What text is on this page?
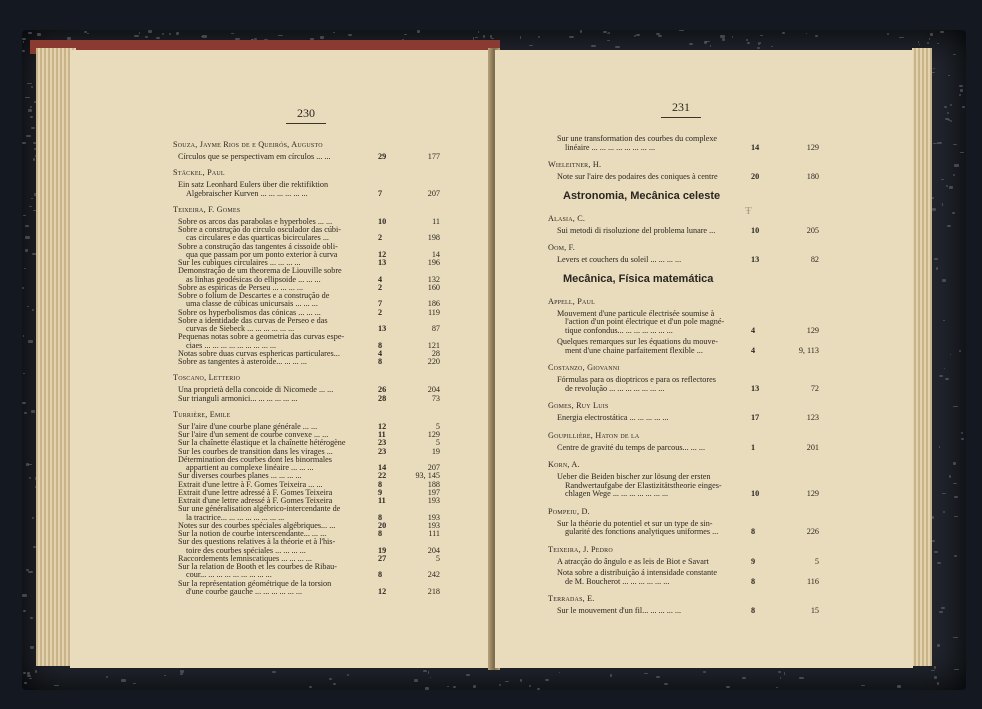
230
Souza, Jayme Rios de e Queirós, Augusto
Círculos que se perspectivam em círculos ... ...	29	177
Stäckel, Paul
Ein satz Leonhard Eulers über die rektifiktion
Algebraischer Kurven ... ... ... ... ... ...	7	207
Teixeira, F. Gomes
Sobre os arcos das parabolas e hyperboles ... ...	10	11
Sobre a construção do circulo osculador das cúbi-
cas circulares e das quarticas bicirculares ...	2	198
Sobre a construção das tangentes á cissoide obli-
qua que passam por um ponto exterior à curva	12	14
Sur les cubiques circulaires ... ... ... ...	13	196
Demonstração de um theorema de Liouville sobre
as linhas geodésicas do ellipsoide ... ... ...	4	132
Sobre as espiricas de Perseu ... ... ... ...	2	160
Sobre o folium de Descartes e a construção de
uma classe de cúbicas unicursais ... ... ...	7	186
Sobre os hyperbolismos das cónicas ... ... ...	2	119
Sobre a identidade das curvas de Perseo e das
curvas de Siebeck ... ... ... ... ... ...	13	87
Pequenas notas sobre a geometria das curvas espe-
ciaes ... ... ... ... ... ... ... ... ...	8	121
Notas sobre duas curvas esphericas particulares...	4	28
Sobre as tangentes à asteroide... ... ... ...	8	220
Toscano, Letterio
Una proprietà della concoide di Nicomede ... ...	26	204
Sur trianguli armonici... ... ... ... ... ...	28	73
Turrière, Emile
Sur l'aire d'une courbe plane générale ... ...	12	5
Sur l'aire d'un sement de courbe convexe ... ...	11	129
Sur la chaînette élastique et la chaînette hétérogène	23	5
Sur les courbes de transition dans les virages ...	23	19
Détermination des courbes dont les binormales
appartient au complexe linéaire ... ... ...	14	207
Sur diverses courbes planes ... ... ... ...	22	93, 145
Extrait d'une lettre à F. Gomes Teixeira ... ...	8	188
Extrait d'une lettre adressé à F. Gomes Teixeira	9	197
Extrait d'une lettre adressé à F. Gomes Teixeira	11	193
Sur une généralisation algébrico-intercendante de
la tractrice... ... ... ... ... ... ... ...	8	193
Notes sur des courbes spéciales algébriques... ...	20	193
Sur la notion de courbe interscendante... ... ...	8	111
Sur des questions relatives à la théorie et à l'his-
toire des courbes spéciales ... ... ... ...	19	204
Raccordements lemniscatiques ... ... ... ...	27	5
Sur la relation de Booth et les courbes de Ribau-
cour... ... ... ... ... ... ... ... ...	8	242
Sur la représentation géométrique de la torsion
d'une courbe gauche ... ... ... ... ... ...	12	218
231
Ŧ
Sur une transformation des courbes du complexe
linéaire ... ... ... ... ... ... ... ...	14	129
Wieleitner, H.
Note sur l'aire des podaires des coniques à centre	20	180
Astronomia, Mecânica celeste
Alasia, C.
Sui metodi di risoluzione del problema lunare ...	10	205
Oom, F.
Levers et couchers du soleil ... ... ... ...	13	82
Mecânica, Física matemática
Appell, Paul
Mouvement d'une particule électrisée soumise à
l'action d'un point électrique et d'un pole magné-
tique confondus... ... ... ... ... ... ...	4	129
Quelques remarques sur les équations du mouve-
ment d'une chaine parfaitement flexible ...	4	9, 113
Costanzo, Giovanni
Fórmulas para os dioptricos e para os reflectores
de revolução ... ... ... ... ... ... ...	13	72
Gomes, Ruy Luis
Energia electrostática ... ... ... ... ...	17	123
Goupillière, Haton de la
Centre de gravité du temps de parcous... ... ...	1	201
Korn, A.
Ueber die Beiden bischer zur lösung der ersten
Randwertaufgabe der Elastizitätstheorie einges-
chlagen Wege ... ... ... ... ... ... ...	10	129
Pompeiu, D.
Sur la théorie du potentiel et sur un type de sin-
gularité des fonctions analytiques uniformes ...	8	226
Teixeira, J. Pedro
A atracção do ângulo e as leis de Biot e Savart	9	5
Nota sobre a distribuição á intensidade constante
de M. Boucherot ... ... ... ... ... ...	8	116
Terradas, E.
Sur le mouvement d'un fil... ... ... ... ...	8	15
